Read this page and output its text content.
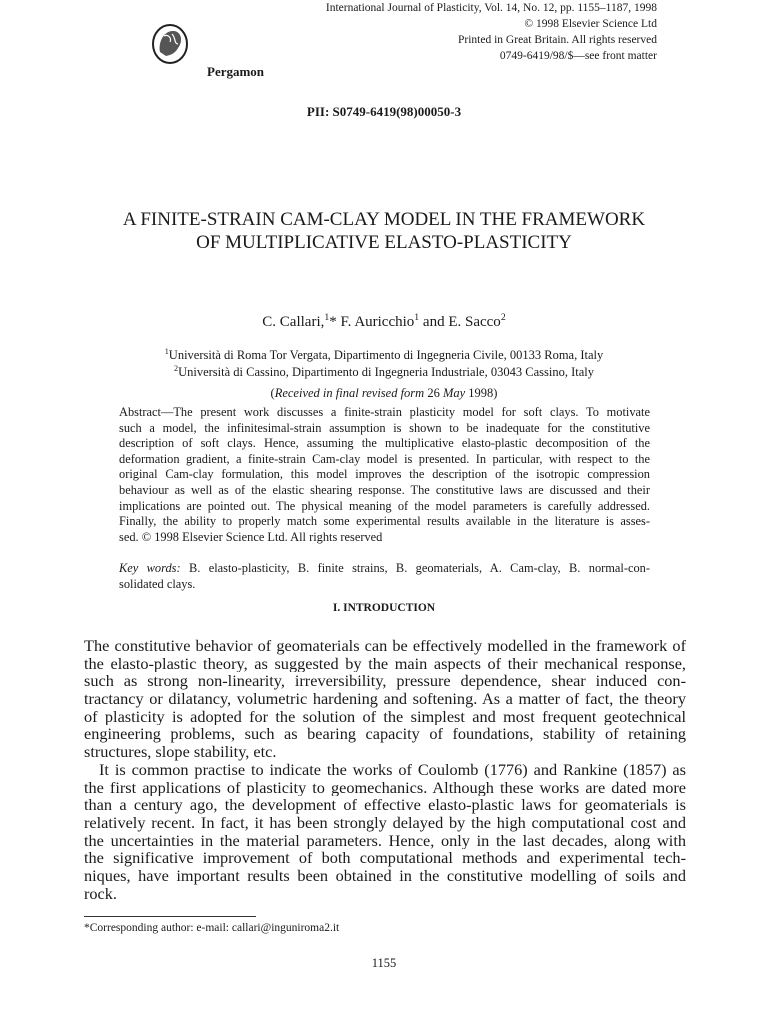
Pergamon
International Journal of Plasticity, Vol. 14, No. 12, pp. 1155–1187, 1998
© 1998 Elsevier Science Ltd
Printed in Great Britain. All rights reserved
0749-6419/98/$—see front matter
PII: S0749-6419(98)00050-3
A FINITE-STRAIN CAM-CLAY MODEL IN THE FRAMEWORK
OF MULTIPLICATIVE ELASTO-PLASTICITY
C. Callari,$^1$* F. Auricchio$^1$ and E. Sacco$^2$
$^1$Università di Roma Tor Vergata, Dipartimento di Ingegneria Civile, 00133 Roma, Italy
$^2$Università di Cassino, Dipartimento di Ingegneria Industriale, 03043 Cassino, Italy
(Received in final revised form 26 May 1998)
Abstract—The present work discusses a finite-strain plasticity model for soft clays. To motivate
such a model, the infinitesimal-strain assumption is shown to be inadequate for the constitutive
description of soft clays. Hence, assuming the multiplicative elasto-plastic decomposition of the
deformation gradient, a finite-strain Cam-clay model is presented. In particular, with respect to the
original Cam-clay formulation, this model improves the description of the isotropic compression
behaviour as well as of the elastic shearing response. The constitutive laws are discussed and their
implications are pointed out. The physical meaning of the model parameters is carefully addressed.
Finally, the ability to properly match some experimental results available in the literature is asses-
sed. © 1998 Elsevier Science Ltd. All rights reserved
Key words: B. elasto-plasticity, B. finite strains, B. geomaterials, A. Cam-clay, B. normal-con-
solidated clays.
I. INTRODUCTION
The constitutive behavior of geomaterials can be effectively modelled in the framework of
the elasto-plastic theory, as suggested by the main aspects of their mechanical response,
such as strong non-linearity, irreversibility, pressure dependence, shear induced con-
tractancy or dilatancy, volumetric hardening and softening. As a matter of fact, the theory
of plasticity is adopted for the solution of the simplest and most frequent geotechnical
engineering problems, such as bearing capacity of foundations, stability of retaining
structures, slope stability, etc.
It is common practise to indicate the works of Coulomb (1776) and Rankine (1857) as
the first applications of plasticity to geomechanics. Although these works are dated more
than a century ago, the development of effective elasto-plastic laws for geomaterials is
relatively recent. In fact, it has been strongly delayed by the high computational cost and
the uncertainties in the material parameters. Hence, only in the last decades, along with
the significative improvement of both computational methods and experimental tech-
niques, have important results been obtained in the constitutive modelling of soils and
rock.
*Corresponding author: e-mail: callari@inguniroma2.it
1155
